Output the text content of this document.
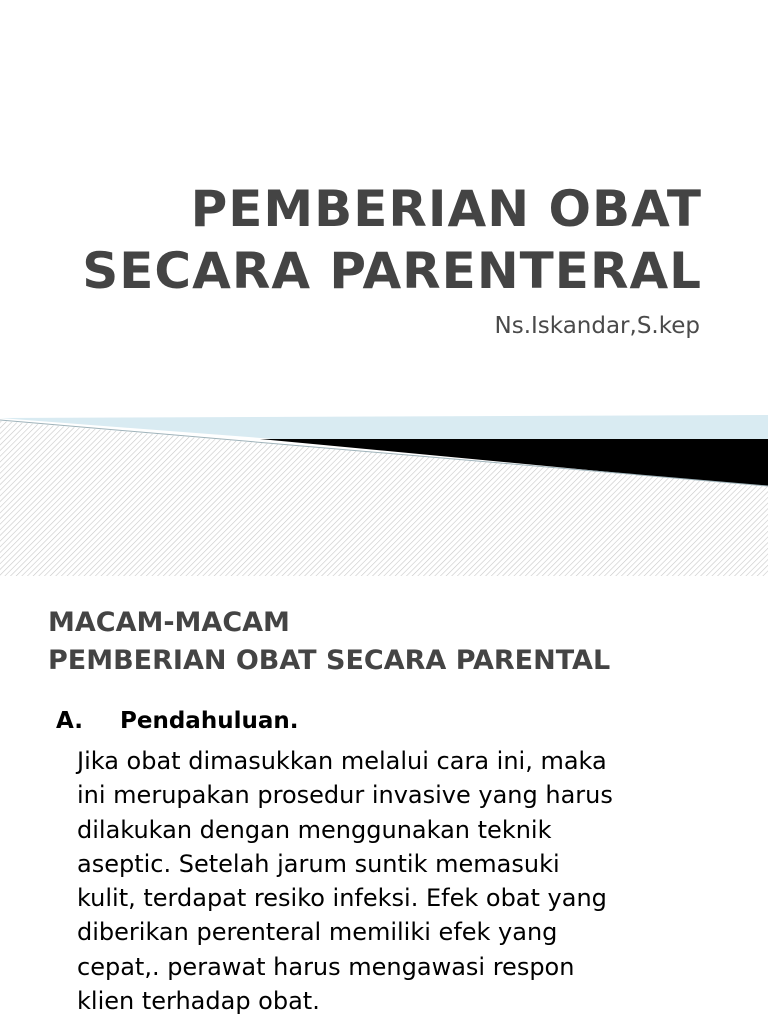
PEMBERIAN OBAT
SECARA PARENTERAL

Ns.Iskandar,S.kep

MACAM-MACAM
PEMBERIAN OBAT SECARA PARENTAL

A. Pendahuluan.

Jika obat dimasukkan melalui cara ini, maka
ini merupakan prosedur invasive yang harus
dilakukan dengan menggunakan teknik
aseptic. Setelah jarum suntik memasuki
kulit, terdapat resiko infeksi. Efek obat yang
diberikan perenteral memiliki efek yang
cepat,. perawat harus mengawasi respon
klien terhadap obat.
